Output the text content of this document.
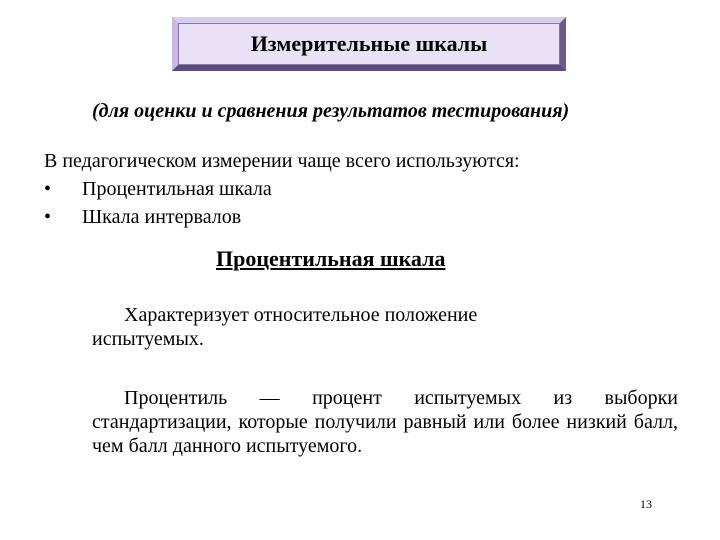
Измерительные шкалы
(для оценки и сравнения результатов тестирования)
В педагогическом измерении чаще всего используются:
•	Процентильная шкала
•	Шкала интервалов
Процентильная шкала

Характеризует относительное положение испытуемых.

Процентиль — процент испытуемых из выборки стандартизации, которые получили равный или более низкий балл, чем балл данного испытуемого.

13
